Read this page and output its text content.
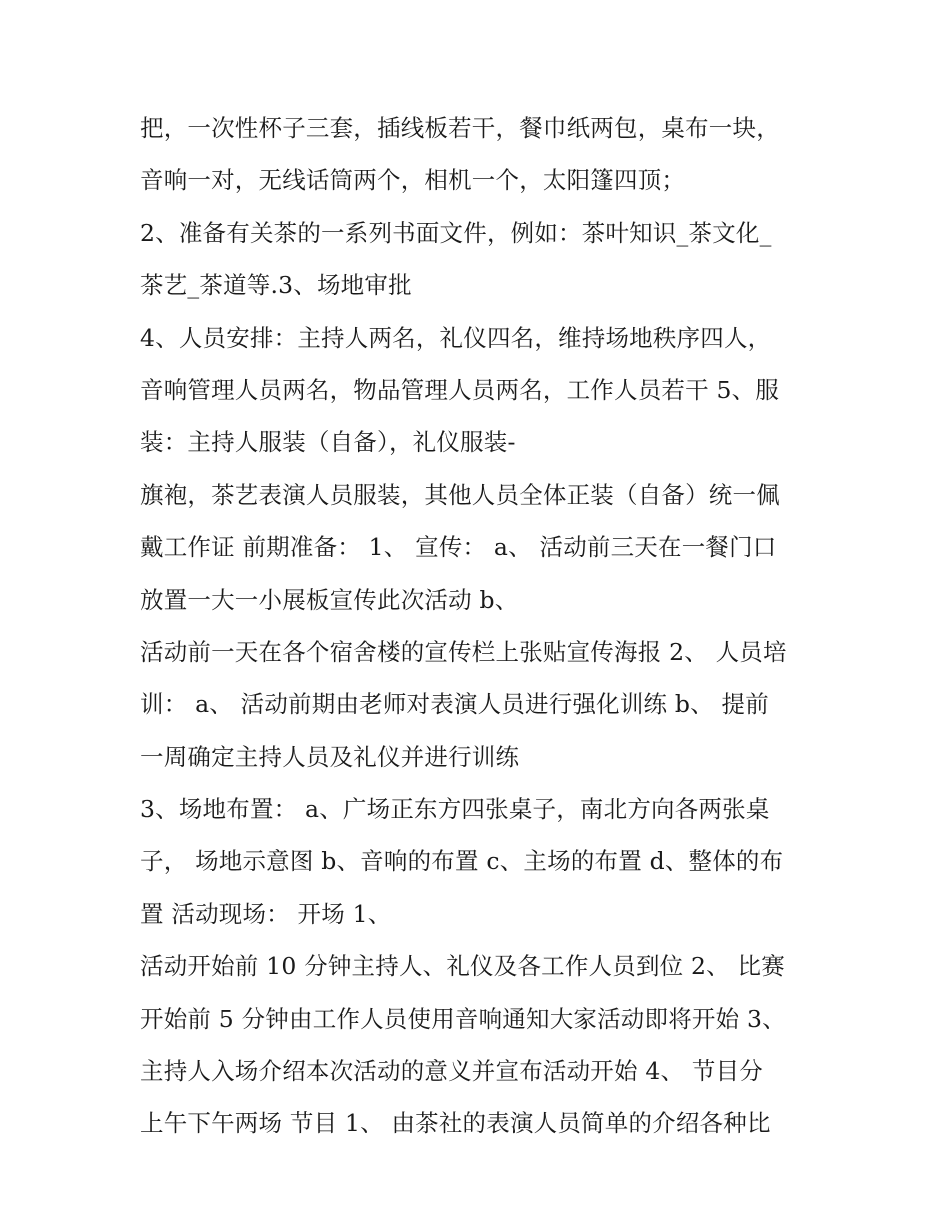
把，一次性杯子三套，插线板若干，餐巾纸两包，桌布一块，
音响一对，无线话筒两个，相机一个，太阳篷四顶；
2、准备有关茶的一系列书面文件，例如：茶叶知识_茶文化_
茶艺_茶道等.3、场地审批
4、人员安排：主持人两名，礼仪四名，维持场地秩序四人，
音响管理人员两名，物品管理人员两名，工作人员若干 5、服
装：主持人服装（自备），礼仪服装-
旗袍，茶艺表演人员服装，其他人员全体正装（自备）统一佩
戴工作证 前期准备： 1、 宣传： a、 活动前三天在一餐门口
放置一大一小展板宣传此次活动 b、
活动前一天在各个宿舍楼的宣传栏上张贴宣传海报 2、 人员培
训： a、 活动前期由老师对表演人员进行强化训练 b、 提前
一周确定主持人员及礼仪并进行训练
3、场地布置： a、广场正东方四张桌子，南北方向各两张桌
子， 场地示意图 b、音响的布置 c、主场的布置 d、整体的布
置 活动现场： 开场 1、
活动开始前 10 分钟主持人、礼仪及各工作人员到位 2、 比赛
开始前 5 分钟由工作人员使用音响通知大家活动即将开始 3、
主持人入场介绍本次活动的意义并宣布活动开始 4、 节目分
上午下午两场 节目 1、 由茶社的表演人员简单的介绍各种比
